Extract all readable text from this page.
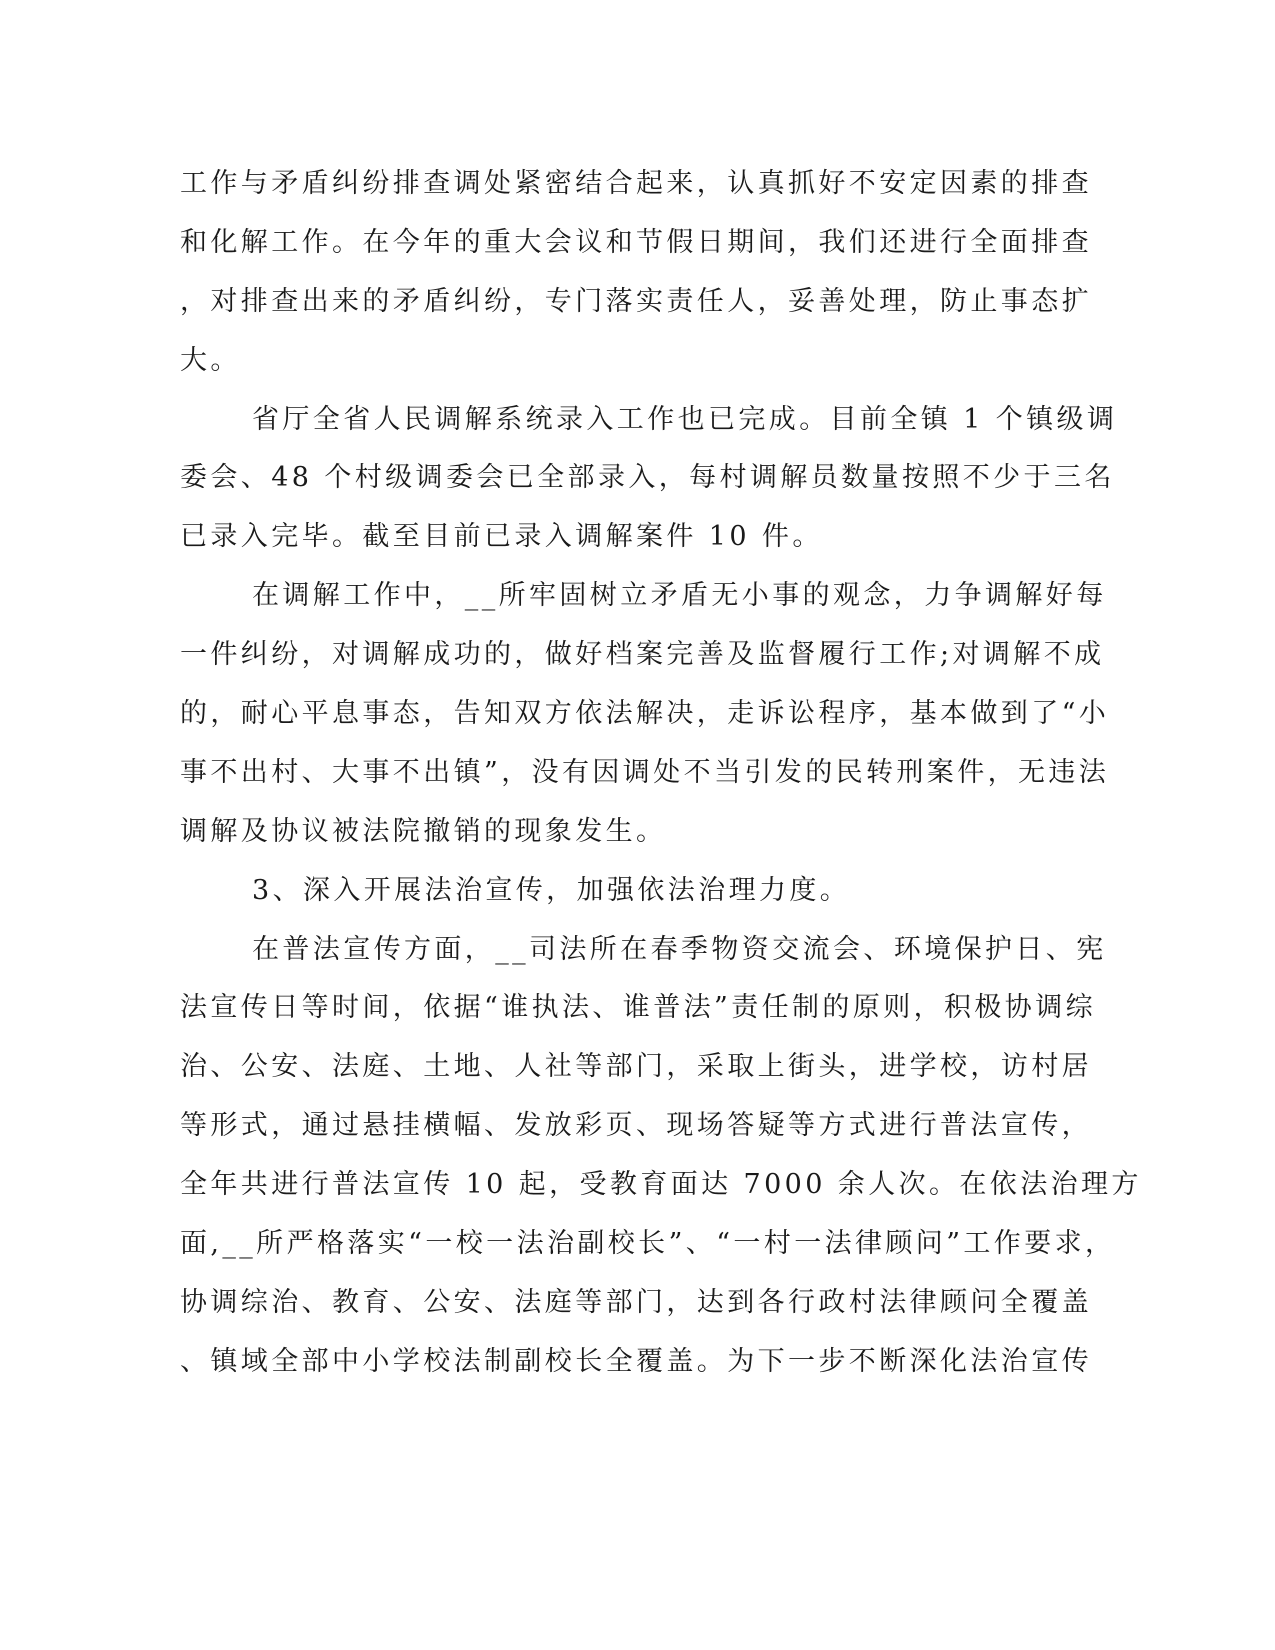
工作与矛盾纠纷排查调处紧密结合起来，认真抓好不安定因素的排查
和化解工作。在今年的重大会议和节假日期间，我们还进行全面排查
，对排查出来的矛盾纠纷，专门落实责任人，妥善处理，防止事态扩
大。
省厅全省人民调解系统录入工作也已完成。目前全镇 1 个镇级调
委会、48 个村级调委会已全部录入，每村调解员数量按照不少于三名
已录入完毕。截至目前已录入调解案件 10 件。
在调解工作中，__所牢固树立矛盾无小事的观念，力争调解好每
一件纠纷，对调解成功的，做好档案完善及监督履行工作;对调解不成
的，耐心平息事态，告知双方依法解决，走诉讼程序，基本做到了“小
事不出村、大事不出镇”，没有因调处不当引发的民转刑案件，无违法
调解及协议被法院撤销的现象发生。
3、深入开展法治宣传，加强依法治理力度。
在普法宣传方面，__司法所在春季物资交流会、环境保护日、宪
法宣传日等时间，依据“谁执法、谁普法”责任制的原则，积极协调综
治、公安、法庭、土地、人社等部门，采取上街头，进学校，访村居
等形式，通过悬挂横幅、发放彩页、现场答疑等方式进行普法宣传，
全年共进行普法宣传 10 起，受教育面达 7000 余人次。在依法治理方
面,__所严格落实“一校一法治副校长”、“一村一法律顾问”工作要求，
协调综治、教育、公安、法庭等部门，达到各行政村法律顾问全覆盖
、镇域全部中小学校法制副校长全覆盖。为下一步不断深化法治宣传
